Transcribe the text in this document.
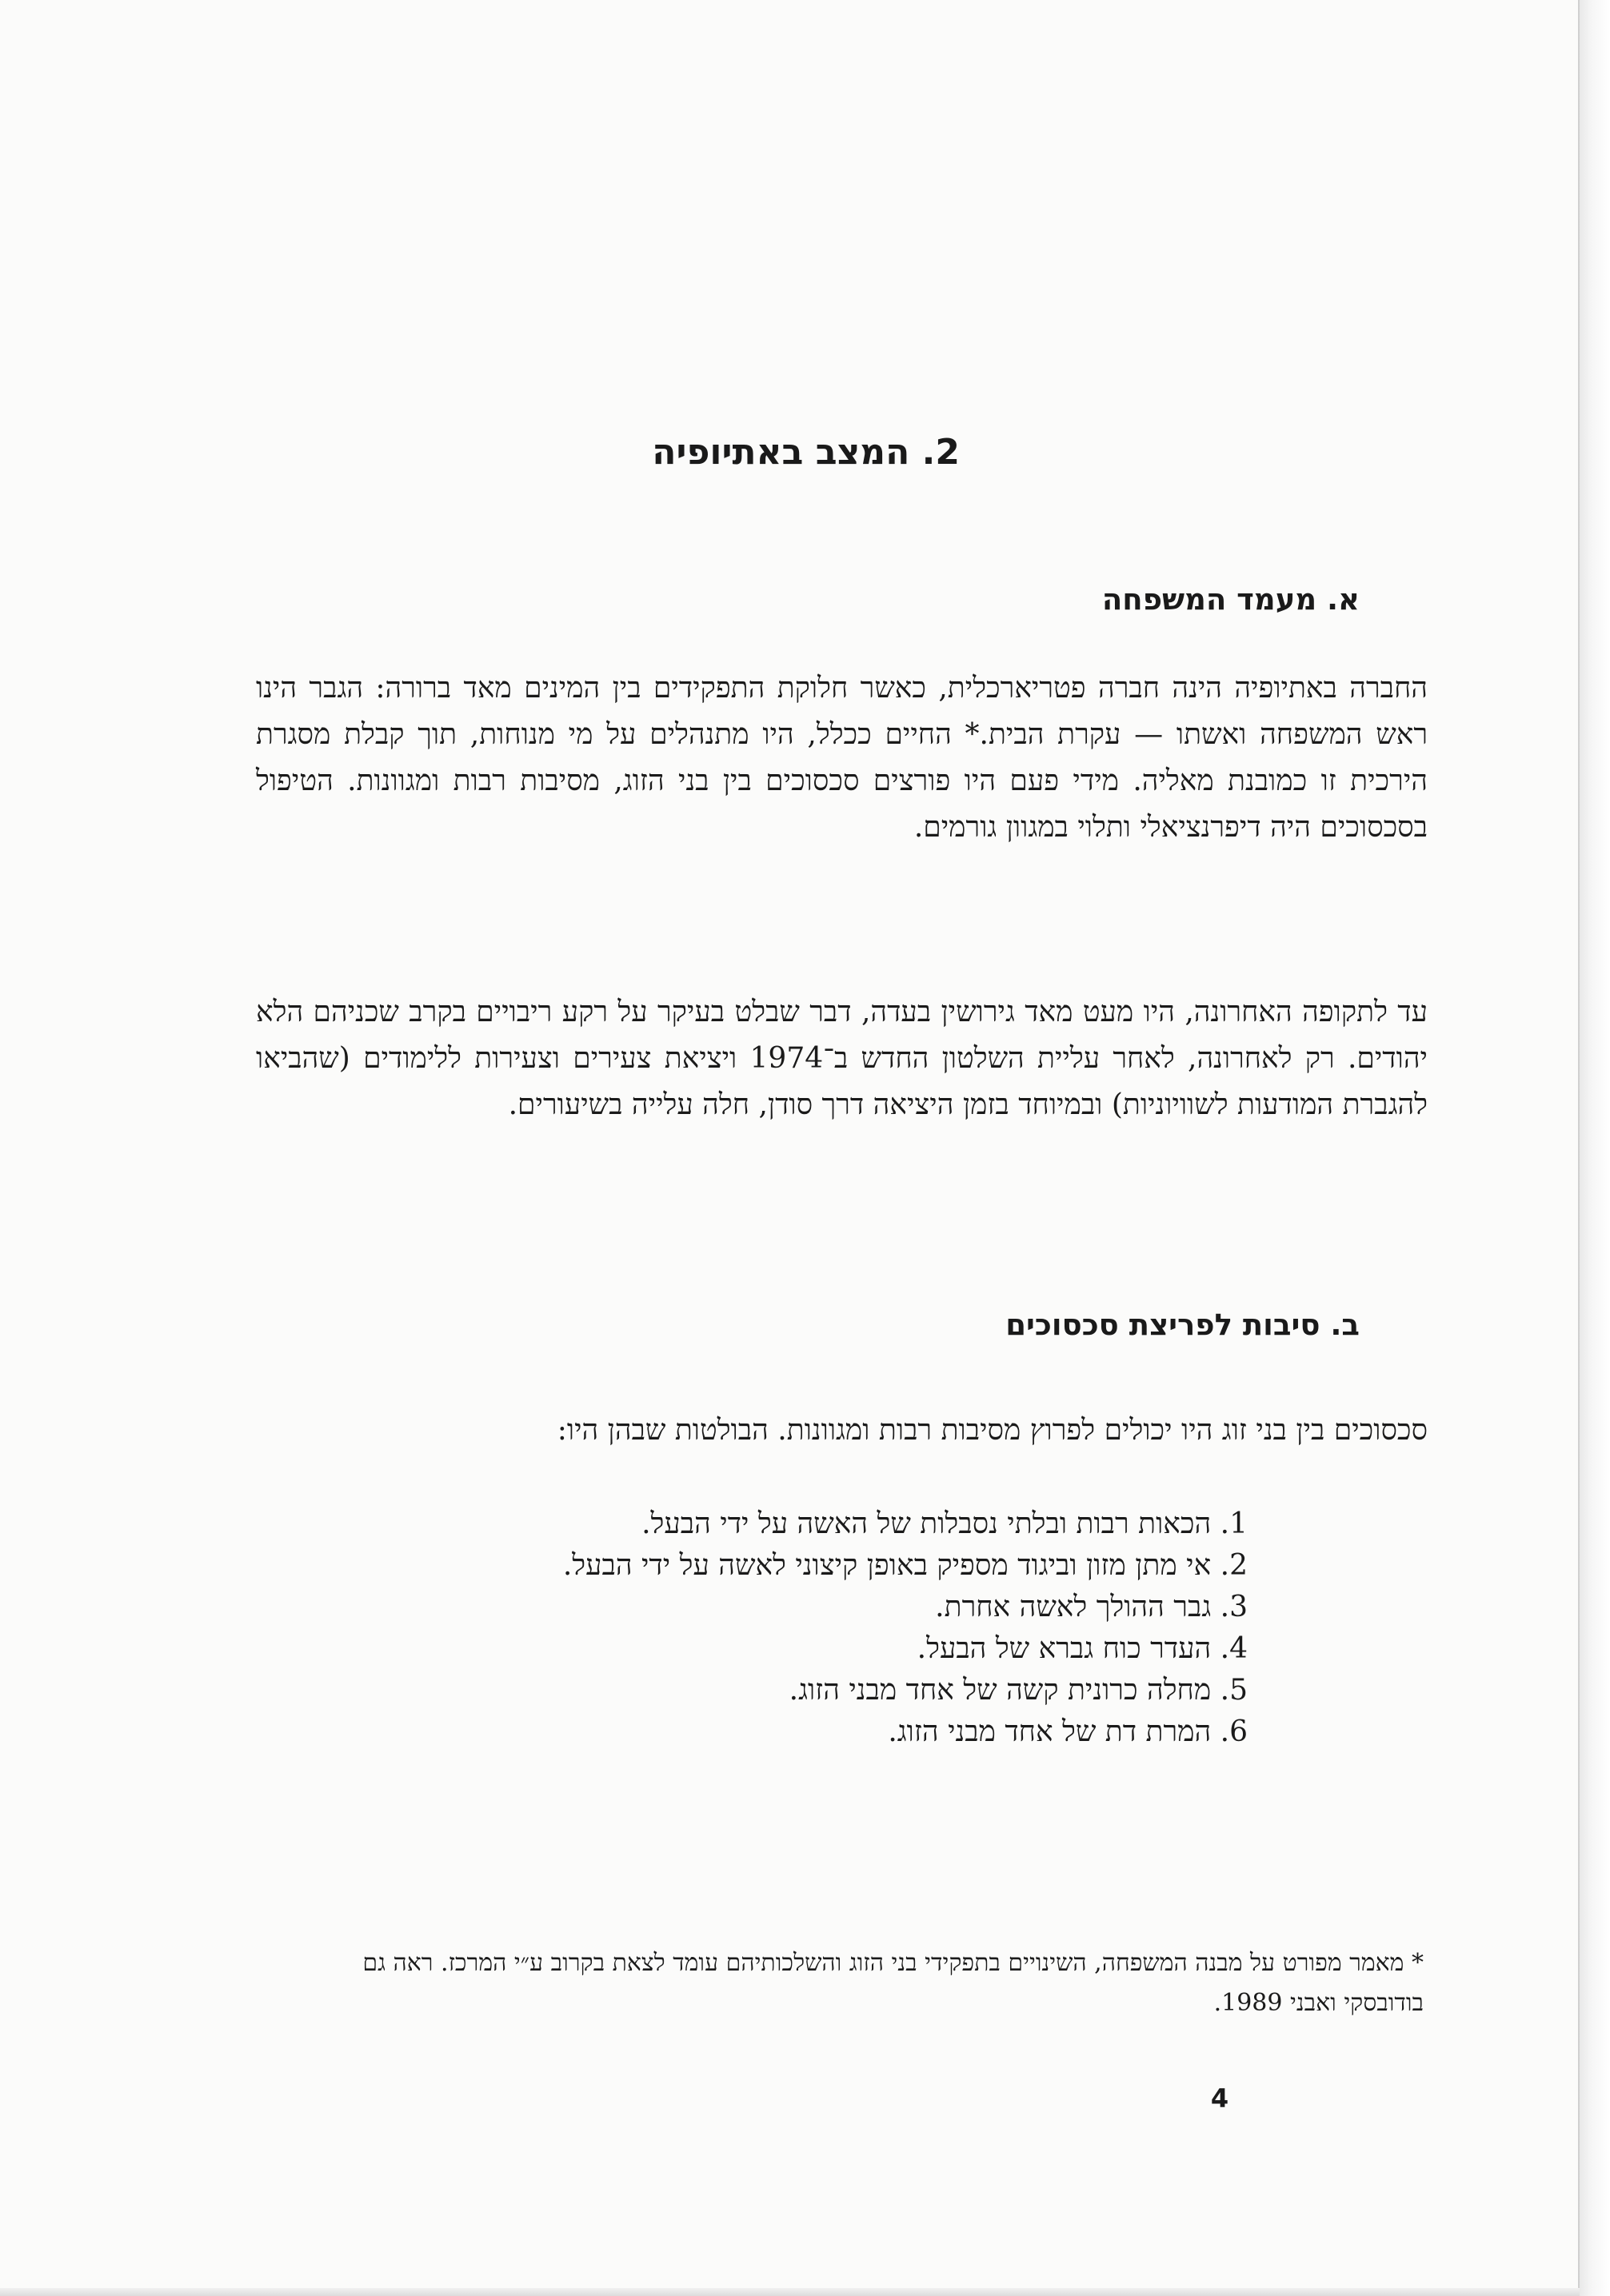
2. המצב באתיופיה
א. מעמד המשפחה

החברה באתיופיה הינה חברה פטריארכלית, כאשר חלוקת התפקידים בין המינים מאד ברורה: הגבר הינו ראש המשפחה ואשתו — עקרת הבית.* החיים ככלל, היו מתנהלים על מי מנוחות, תוך קבלת מסגרת הירכית זו כמובנת מאליה. מידי פעם היו פורצים סכסוכים בין בני הזוג, מסיבות רבות ומגוונות. הטיפול בסכסוכים היה דיפרנציאלי ותלוי במגוון גורמים.

עד לתקופה האחרונה, היו מעט מאד גירושין בעדה, דבר שבלט בעיקר על רקע ריבויים בקרב שכניהם הלא יהודים. רק לאחרונה, לאחר עליית השלטון החדש ב־1974 ויציאת צעירים וצעירות ללימודים (שהביאו להגברת המודעות לשוויוניות) ובמיוחד בזמן היציאה דרך סודן, חלה עלייה בשיעורים.

ב. סיבות לפריצת סכסוכים

סכסוכים בין בני זוג היו יכולים לפרוץ מסיבות רבות ומגוונות. הבולטות שבהן היו:

1. הכאות רבות ובלתי נסבלות של האשה על ידי הבעל.
2. אי מתן מזון וביגוד מספיק באופן קיצוני לאשה על ידי הבעל.
3. גבר ההולך לאשה אחרת.
4. העדר כוח גברא של הבעל.
5. מחלה כרונית קשה של אחד מבני הזוג.
6. המרת דת של אחד מבני הזוג.

* מאמר מפורט על מבנה המשפחה, השינויים בתפקידי בני הזוג והשלכותיהם עומד לצאת בקרוב ע״י המרכז. ראה גם בודובסקי ואבני 1989.

4
